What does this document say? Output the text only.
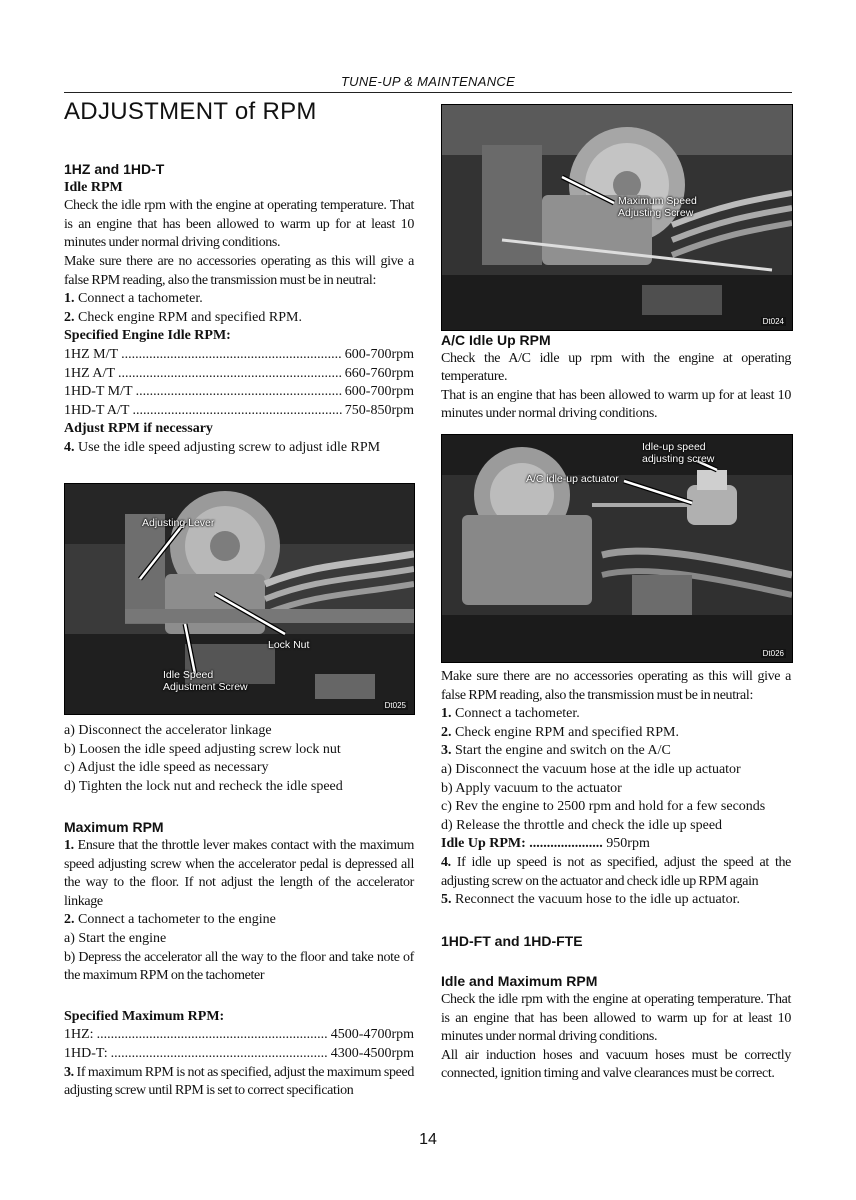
TUNE-UP & MAINTENANCE
ADJUSTMENT of RPM

1HZ and 1HD-T

Idle RPM

Check the idle rpm with the engine at operating temperature. That is an engine that has been allowed to warm up for at least 10 minutes under normal driving conditions.

Make sure there are no accessories operating as this will give a false RPM reading, also the transmission must be in neutral:

1. Connect a tachometer.

2. Check engine RPM and specified RPM.

Specified Engine Idle RPM:

1HZ M/T .....	600-700rpm
1HZ A/T .....	660-760rpm
1HD-T M/T .....	600-700rpm
1HD-T A/T .....	750-850rpm

Adjust RPM if necessary

4. Use the idle speed adjusting screw to adjust idle RPM

Adjusting Lever
Lock Nut
Idle Speed
Adjustment Screw
Dt025

a) Disconnect the accelerator linkage

b) Loosen the idle speed adjusting screw lock nut

c) Adjust the idle speed as necessary

d) Tighten the lock nut and recheck the idle speed

Maximum RPM

1. Ensure that the throttle lever makes contact with the maximum speed adjusting screw when the accelerator pedal is depressed all the way to the floor. If not adjust the length of the accelerator linkage

2. Connect a tachometer to the engine

a) Start the engine

b) Depress the accelerator all the way to the floor and take note of the maximum RPM on the tachometer

Specified Maximum RPM:

1HZ: .....	4500-4700rpm
1HD-T: .....	4300-4500rpm

3. If maximum RPM is not as specified, adjust the maximum speed adjusting screw until RPM is set to correct specification

Maximum Speed
Adjusting Screw
Dt024

A/C Idle Up RPM

Check the A/C idle up rpm with the engine at operating temperature.

That is an engine that has been allowed to warm up for at least 10 minutes under normal driving conditions.

Idle-up speed
adjusting screw
A/C idle-up actuator
Dt026

Make sure there are no accessories operating as this will give a false RPM reading, also the transmission must be in neutral:

1. Connect a tachometer.

2. Check engine RPM and specified RPM.

3. Start the engine and switch on the A/C

a) Disconnect the vacuum hose at the idle up actuator

b) Apply vacuum to the actuator

c) Rev the engine to 2500 rpm and hold for a few seconds

d) Release the throttle and check the idle up speed

Idle Up RPM: ..................... 950rpm

4. If idle up speed is not as specified, adjust the speed at the adjusting screw on the actuator and check idle up RPM again

5. Reconnect the vacuum hose to the idle up actuator.

1HD-FT and 1HD-FTE

Idle and Maximum RPM

Check the idle rpm with the engine at operating temperature. That is an engine that has been allowed to warm up for at least 10 minutes under normal driving conditions.

All air induction hoses and vacuum hoses must be correctly connected, ignition timing and valve clearances must be correct.

14
